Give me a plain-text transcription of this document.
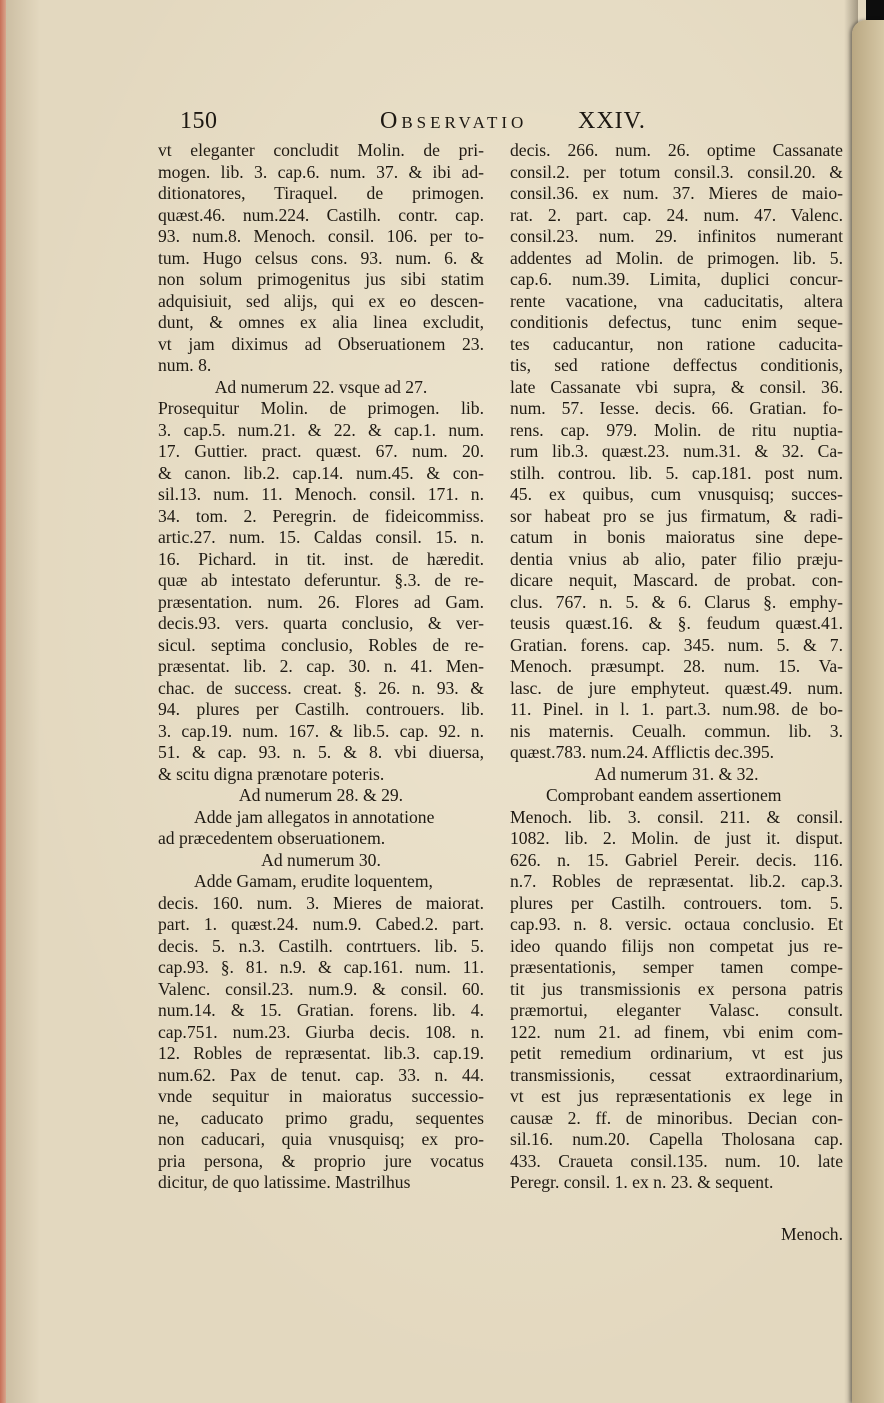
150	Observatio XXIV.
vt eleganter concludit Molin. de pri-
mogen. lib. 3. cap.6. num. 37. & ibi ad-
ditionatores, Tiraquel. de primogen.
quæst.46. num.224. Castilh. contr. cap.
93. num.8. Menoch. consil. 106. per to-
tum. Hugo celsus cons. 93. num. 6. &
non solum primogenitus jus sibi statim
adquisiuit, sed alijs, qui ex eo descen-
dunt, & omnes ex alia linea excludit,
vt jam diximus ad Obseruationem 23.
num. 8.
Ad numerum 22. vsque ad 27.
Prosequitur Molin. de primogen. lib.
3. cap.5. num.21. & 22. & cap.1. num.
17. Guttier. pract. quæst. 67. num. 20.
& canon. lib.2. cap.14. num.45. & con-
sil.13. num. 11. Menoch. consil. 171. n.
34. tom. 2. Peregrin. de fideicommiss.
artic.27. num. 15. Caldas consil. 15. n.
16. Pichard. in tit. inst. de hæredit.
quæ ab intestato deferuntur. §.3. de re-
præsentation. num. 26. Flores ad Gam.
decis.93. vers. quarta conclusio, & ver-
sicul. septima conclusio, Robles de re-
præsentat. lib. 2. cap. 30. n. 41. Men-
chac. de success. creat. §. 26. n. 93. &
94. plures per Castilh. controuers. lib.
3. cap.19. num. 167. & lib.5. cap. 92. n.
51. & cap. 93. n. 5. & 8. vbi diuersa,
& scitu digna prænotare poteris.
Ad numerum 28. & 29.
Adde jam allegatos in annotatione
ad præcedentem obseruationem.
Ad numerum 30.
Adde Gamam, erudite loquentem,
decis. 160. num. 3. Mieres de maiorat.
part. 1. quæst.24. num.9. Cabed.2. part.
decis. 5. n.3. Castilh. contrtuers. lib. 5.
cap.93. §. 81. n.9. & cap.161. num. 11.
Valenc. consil.23. num.9. & consil. 60.
num.14. & 15. Gratian. forens. lib. 4.
cap.751. num.23. Giurba decis. 108. n.
12. Robles de repræsentat. lib.3. cap.19.
num.62. Pax de tenut. cap. 33. n. 44.
vnde sequitur in maioratus successio-
ne, caducato primo gradu, sequentes
non caducari, quia vnusquisq; ex pro-
pria persona, & proprio jure vocatus
dicitur, de quo latissime. Mastrilhus
decis. 266. num. 26. optime Cassanate
consil.2. per totum consil.3. consil.20. &
consil.36. ex num. 37. Mieres de maio-
rat. 2. part. cap. 24. num. 47. Valenc.
consil.23. num. 29. infinitos numerant
addentes ad Molin. de primogen. lib. 5.
cap.6. num.39. Limita, duplici concur-
rente vacatione, vna caducitatis, altera
conditionis defectus, tunc enim seque-
tes caducantur, non ratione caducita-
tis, sed ratione deffectus conditionis,
late Cassanate vbi supra, & consil. 36.
num. 57. Iesse. decis. 66. Gratian. fo-
rens. cap. 979. Molin. de ritu nuptia-
rum lib.3. quæst.23. num.31. & 32. Ca-
stilh. controu. lib. 5. cap.181. post num.
45. ex quibus, cum vnusquisq; succes-
sor habeat pro se jus firmatum, & radi-
catum in bonis maioratus sine depe-
dentia vnius ab alio, pater filio præju-
dicare nequit, Mascard. de probat. con-
clus. 767. n. 5. & 6. Clarus §. emphy-
teusis quæst.16. & §. feudum quæst.41.
Gratian. forens. cap. 345. num. 5. & 7.
Menoch. præsumpt. 28. num. 15. Va-
lasc. de jure emphyteut. quæst.49. num.
11. Pinel. in l. 1. part.3. num.98. de bo-
nis maternis. Ceualh. commun. lib. 3.
quæst.783. num.24. Afflictis dec.395.
Ad numerum 31. & 32.
Comprobant eandem assertionem
Menoch. lib. 3. consil. 211. & consil.
1082. lib. 2. Molin. de just it. disput.
626. n. 15. Gabriel Pereir. decis. 116.
n.7. Robles de repræsentat. lib.2. cap.3.
plures per Castilh. controuers. tom. 5.
cap.93. n. 8. versic. octaua conclusio. Et
ideo quando filijs non competat jus re-
præsentationis, semper tamen compe-
tit jus transmissionis ex persona patris
præmortui, eleganter Valasc. consult.
122. num 21. ad finem, vbi enim com-
petit remedium ordinarium, vt est jus
transmissionis, cessat extraordinarium,
vt est jus repræsentationis ex lege in
causæ 2. ff. de minoribus. Decian con-
sil.16. num.20. Capella Tholosana cap.
433. Craueta consil.135. num. 10. late
Peregr. consil. 1. ex n. 23. & sequent.
Menoch.
